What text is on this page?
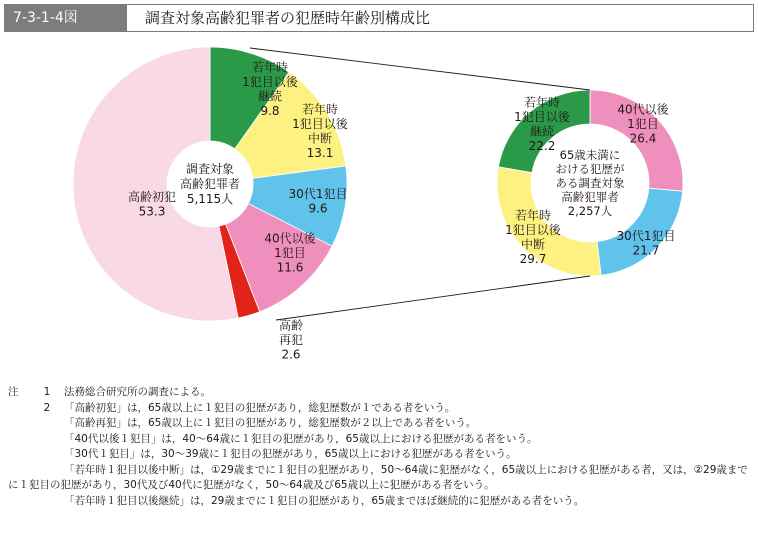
7-3-1-4図	調査対象高齢犯罪者の犯歴時年齢別構成比
若年時 1犯目以後継続 9.8	若年時 1犯目以後中断 13.1
30代1犯目 9.6
40代以後 1犯目 11.6
高齢再犯 2.6
高齢初犯 53.3
調査対象高齢犯罪者 5,115人
40代以後 1犯目 26.4
30代1犯目 21.7
若年時 1犯目以後中断 29.7
若年時 1犯目以後継続 22.2
65歳未満における犯歴がある調査対象高齢犯罪者 2,257人
注	1	法務総合研究所の調査による。
2	「高齢初犯」は，65歳以上に１犯目の犯歴があり，総犯歴数が１である者をいう。
「高齢再犯」は，65歳以上に１犯目の犯歴があり，総犯歴数が２以上である者をいう。
「40代以後１犯目」は，40～64歳に１犯目の犯歴があり，65歳以上における犯歴がある者をいう。
「30代１犯目」は，30～39歳に１犯目の犯歴があり，65歳以上における犯歴がある者をいう。
「若年時１犯目以後中断」は，①29歳までに１犯目の犯歴があり，50～64歳に犯歴がなく，65歳以上における犯歴がある者，又は，②29歳までに１犯目の犯歴があり，30代及び40代に犯歴がなく，50～64歳及び65歳以上に犯歴がある者をいう。
「若年時１犯目以後継続」は，29歳までに１犯目の犯歴があり，65歳までほぼ継続的に犯歴がある者をいう。
